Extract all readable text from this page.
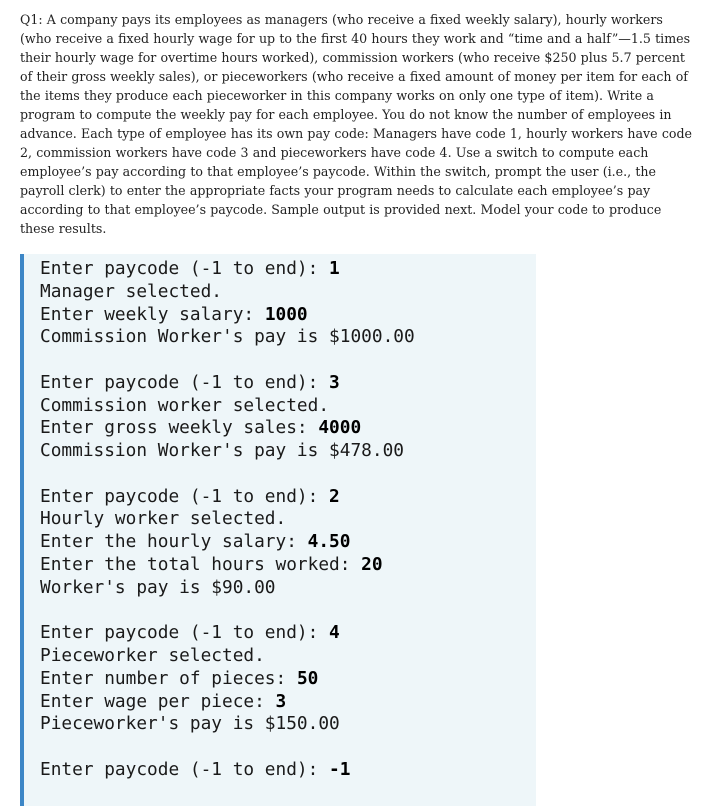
Q1: A company pays its employees as managers (who receive a fixed weekly salary), hourly workers (who receive a fixed hourly wage for up to the first 40 hours they work and “time and a half”—1.5 times their hourly wage for overtime hours worked), commission workers (who receive $250 plus 5.7 percent of their gross weekly sales), or pieceworkers (who receive a fixed amount of money per item for each of the items they produce each pieceworker in this company works on only one type of item). Write a program to compute the weekly pay for each employee. You do not know the number of employees in advance. Each type of employee has its own pay code: Managers have code 1, hourly workers have code 2, commission workers have code 3 and pieceworkers have code 4. Use a switch to compute each employee’s pay according to that employee’s paycode. Within the switch, prompt the user (i.e., the payroll clerk) to enter the appropriate facts your program needs to calculate each employee’s pay according to that employee’s paycode. Sample output is provided next. Model your code to produce these results.
Enter paycode (-1 to end): 1
Manager selected.
Enter weekly salary: 1000
Commission Worker's pay is $1000.00
Enter paycode (-1 to end): 3
Commission worker selected.
Enter gross weekly sales: 4000
Commission Worker's pay is $478.00
Enter paycode (-1 to end): 2
Hourly worker selected.
Enter the hourly salary: 4.50
Enter the total hours worked: 20
Worker's pay is $90.00
Enter paycode (-1 to end): 4
Pieceworker selected.
Enter number of pieces: 50
Enter wage per piece: 3
Pieceworker's pay is $150.00
Enter paycode (-1 to end): -1
